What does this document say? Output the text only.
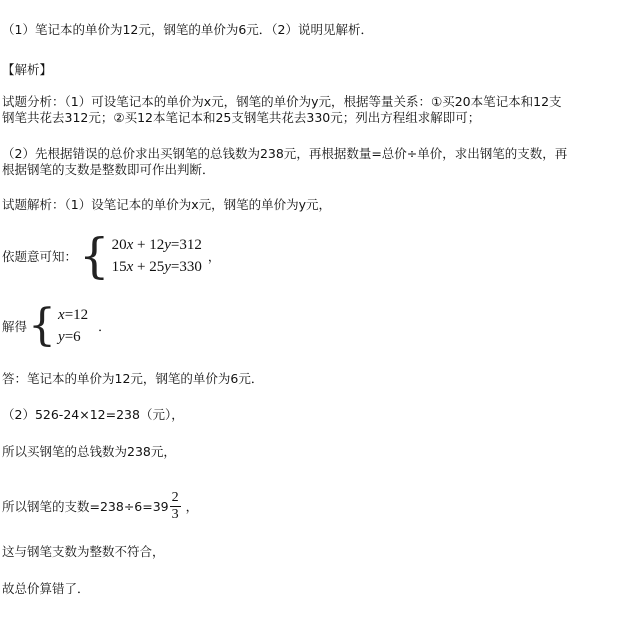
（1）笔记本的单价为12元，钢笔的单价为6元．（2）说明见解析．
【解析】
试题分析：（1）可设笔记本的单价为x元，钢笔的单价为y元，根据等量关系：①买20本笔记本和12支
钢笔共花去312元；②买12本笔记本和25支钢笔共花去330元；列出方程组求解即可；
（2）先根据错误的总价求出买钢笔的总钱数为238元，再根据数量=总价÷单价，求出钢笔的支数，再
根据钢笔的支数是整数即可作出判断．
试题解析：（1）设笔记本的单价为x元，钢笔的单价为y元，
依题意可知： { 20x + 12y=312
15x + 25y=330
，
解得 { x=12
y=6
．
答：笔记本的单价为12元，钢笔的单价为6元．
（2）526-24×12=238（元），
所以买钢笔的总钱数为238元，
所以钢笔的支数$=238\div 6=39 \frac{2}{3}$ ，
这与钢笔支数为整数不符合，
故总价算错了．
